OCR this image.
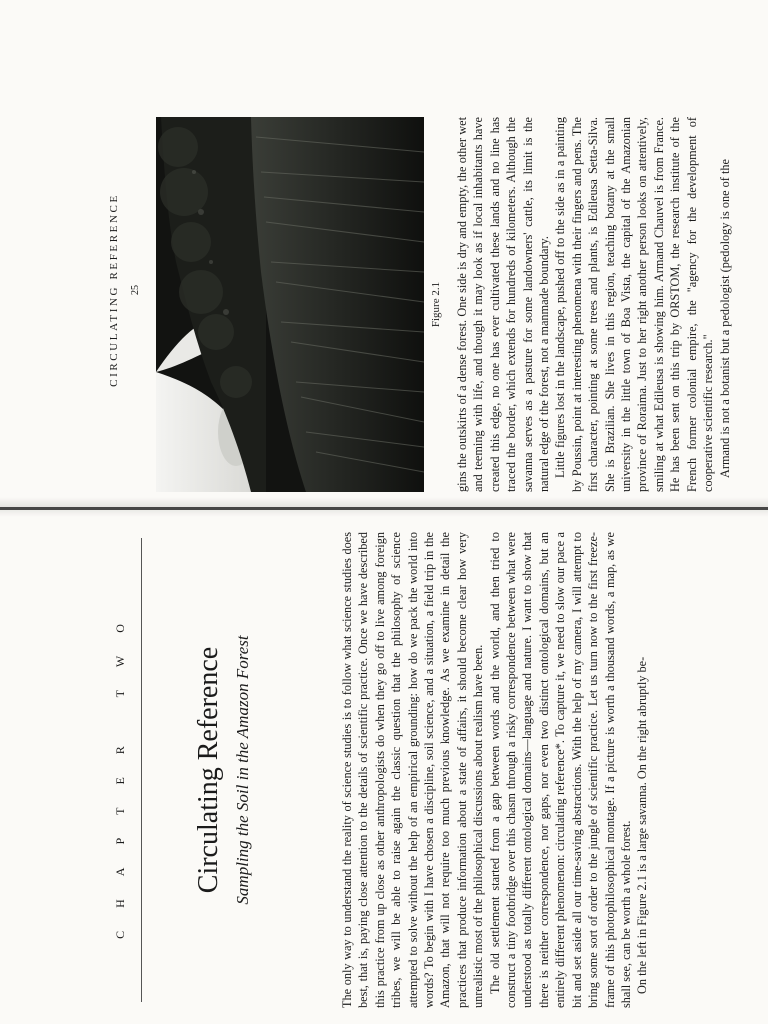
CIRCULATING REFERENCE	25	Figure 2.1	gins the outskirts of a dense forest. One side is dry and empty, the other wet and teeming with life, and though it may look as if local inhabitants have created this edge, no one has ever cultivated these lands and no line has traced the border, which extends for hundreds of kilometers. Although the savanna serves as a pasture for some landowners' cattle, its limit is the natural edge of the forest, not a manmade boundary. Little figures lost in the landscape, pushed off to the side as in a painting by Poussin, point at interesting phenomena with their fingers and pens. The first character, pointing at some trees and plants, is Edileusa Setta-Silva. She is Brazilian. She lives in this region, teaching botany at the small university in the little town of Boa Vista, the capital of the Amazonian province of Roraima. Just to her right another person looks on attentively, smiling at what Edileusa is showing him. Armand Chauvel is from France. He has been sent on this trip by ORSTOM, the research institute of the French former colonial empire, the "agency for the development of cooperative scientific research." Armand is not a botanist but a pedologist (pedology is one of the

CHAPTER TWO Circulating Reference Sampling the Soil in the Amazon Forest	The only way to understand the reality of science studies is to follow what science studies does best, that is, paying close attention to the details of scientific practice. Once we have described this practice from up close as other anthropologists do when they go off to live among foreign tribes, we will be able to raise again the classic question that the philosophy of science attempted to solve without the help of an empirical grounding: how do we pack the world into words? To begin with I have chosen a discipline, soil science, and a situation, a field trip in the Amazon, that will not require too much previous knowledge. As we examine in detail the practices that produce information about a state of affairs, it should become clear how very unrealistic most of the philosophical discussions about realism have been. The old settlement started from a gap between words and the world, and then tried to construct a tiny footbridge over this chasm through a risky correspondence between what were understood as totally different ontological domains—language and nature. I want to show that there is neither correspondence, nor gaps, nor even two distinct ontological domains, but an entirely different phenomenon: circulating reference*. To capture it, we need to slow our pace a bit and set aside all our time-saving abstractions. With the help of my camera, I will attempt to bring some sort of order to the jungle of scientific practice. Let us turn now to the first freeze-frame of this photophilosophical montage. If a picture is worth a thousand words, a map, as we shall see, can be worth a whole forest. On the left in Figure 2.1 is a large savanna. On the right abruptly be-
